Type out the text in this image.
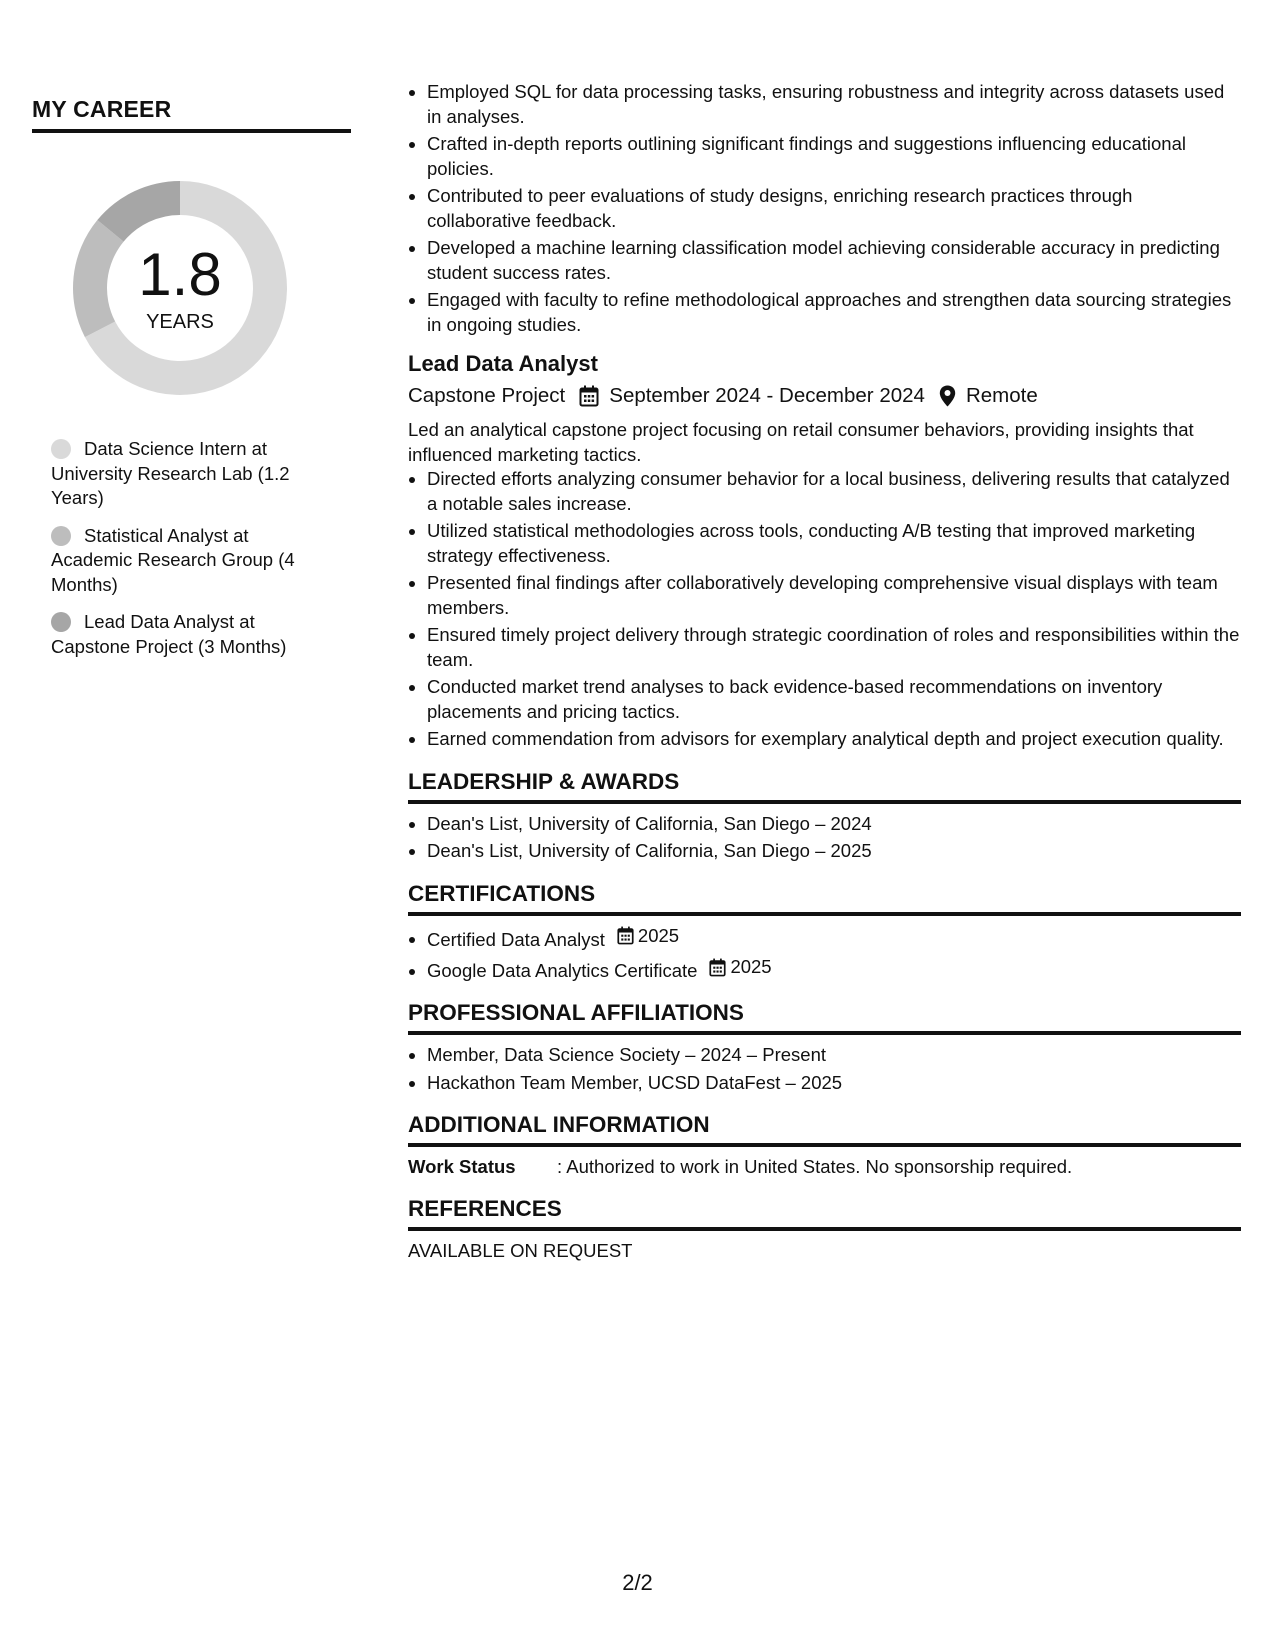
MY CAREER
1.8
YEARS
Data Science Intern at University Research Lab (1.2 Years)
Statistical Analyst at Academic Research Group (4 Months)
Lead Data Analyst at Capstone Project (3 Months)
• Employed SQL for data processing tasks, ensuring robustness and integrity across datasets used in analyses.
• Crafted in-depth reports outlining significant findings and suggestions influencing educational policies.
• Contributed to peer evaluations of study designs, enriching research practices through collaborative feedback.
• Developed a machine learning classification model achieving considerable accuracy in predicting student success rates.
• Engaged with faculty to refine methodological approaches and strengthen data sourcing strategies in ongoing studies.
Lead Data Analyst
Capstone Project September 2024 - December 2024 Remote

Led an analytical capstone project focusing on retail consumer behaviors, providing insights that influenced marketing tactics.

• Directed efforts analyzing consumer behavior for a local business, delivering results that catalyzed a notable sales increase.
• Utilized statistical methodologies across tools, conducting A/B testing that improved marketing strategy effectiveness.
• Presented final findings after collaboratively developing comprehensive visual displays with team members.
• Ensured timely project delivery through strategic coordination of roles and responsibilities within the team.
• Conducted market trend analyses to back evidence-based recommendations on inventory placements and pricing tactics.
• Earned commendation from advisors for exemplary analytical depth and project execution quality.
LEADERSHIP & AWARDS
• Dean's List, University of California, San Diego – 2024
• Dean's List, University of California, San Diego – 2025
CERTIFICATIONS
• Certified Data Analyst 2025
• Google Data Analytics Certificate 2025
PROFESSIONAL AFFILIATIONS
• Member, Data Science Society – 2024 – Present
• Hackathon Team Member, UCSD DataFest – 2025
ADDITIONAL INFORMATION
Work Status	: Authorized to work in United States. No sponsorship required.
REFERENCES
AVAILABLE ON REQUEST
2/2
